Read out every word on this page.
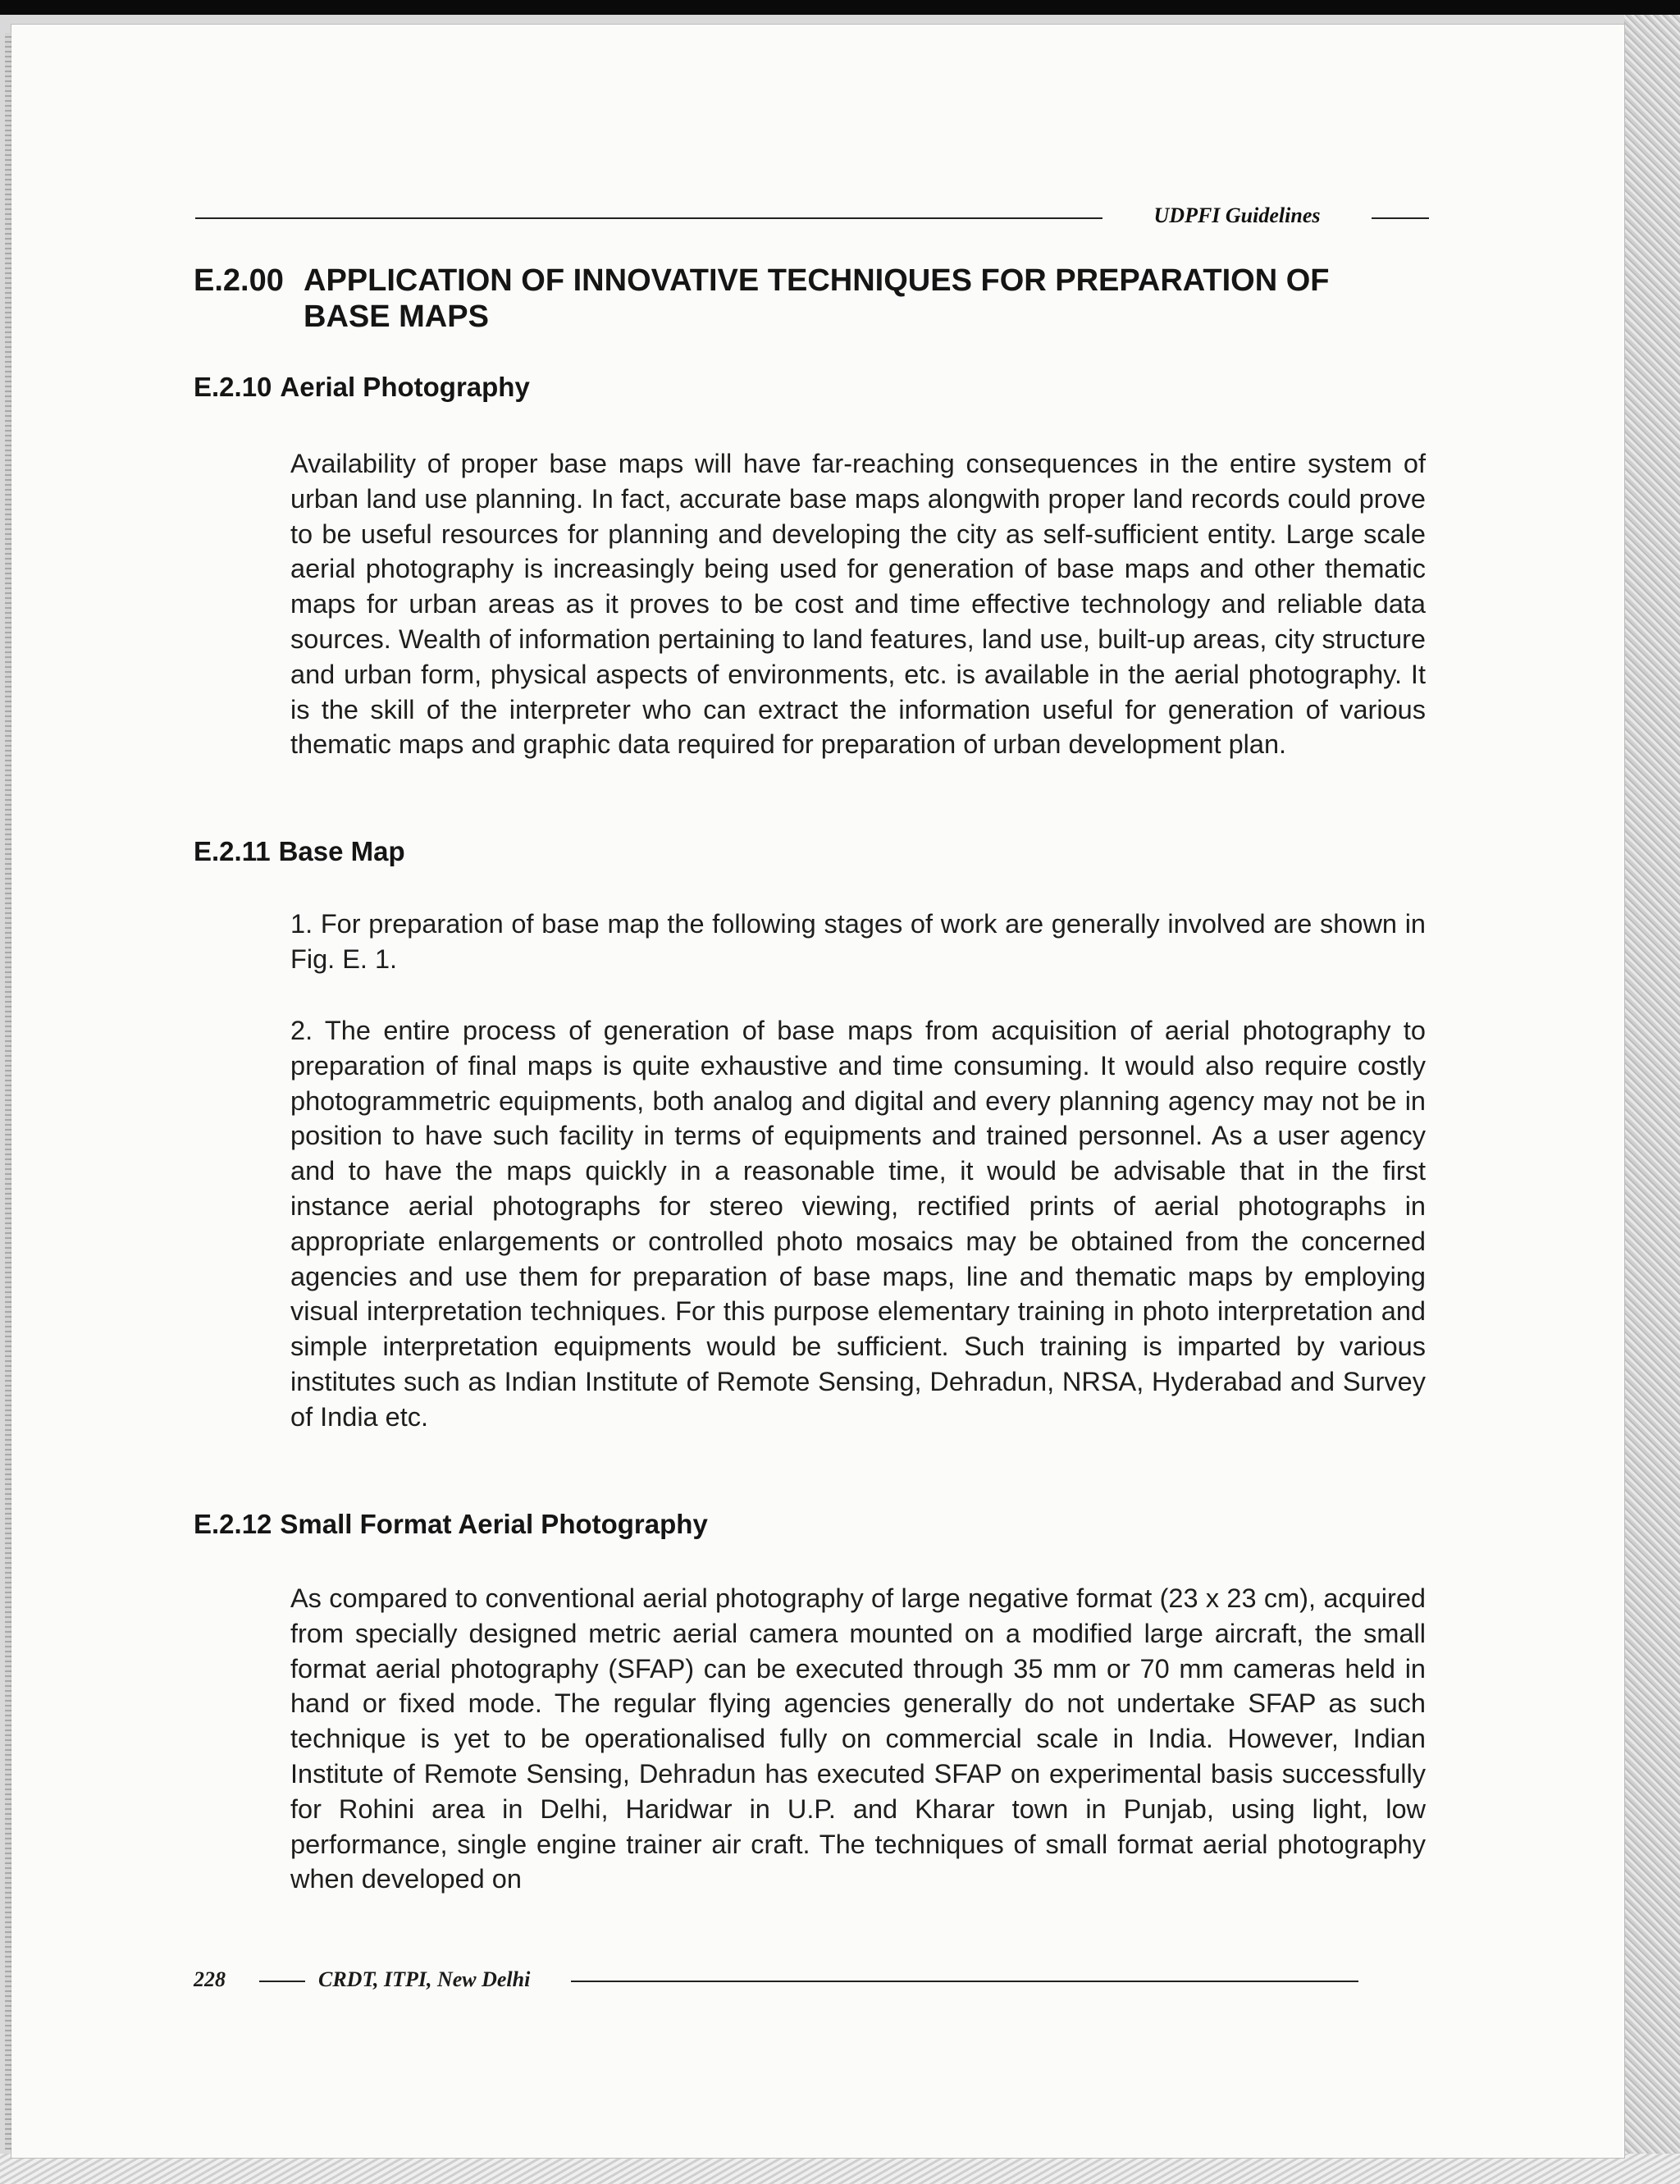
UDPFI Guidelines
E.2.00 APPLICATION OF INNOVATIVE TECHNIQUES FOR PREPARATION OF
BASE MAPS
E.2.10 Aerial Photography

Availability of proper base maps will have far-reaching consequences in the entire system of urban land use planning. In fact, accurate base maps alongwith proper land records could prove to be useful resources for planning and developing the city as self-sufficient entity. Large scale aerial photography is increasingly being used for generation of base maps and other thematic maps for urban areas as it proves to be cost and time effective technology and reliable data sources. Wealth of information pertaining to land features, land use, built-up areas, city structure and urban form, physical aspects of environments, etc. is available in the aerial photography. It is the skill of the interpreter who can extract the information useful for generation of various thematic maps and graphic data required for preparation of urban development plan.

E.2.11 Base Map

1. For preparation of base map the following stages of work are generally involved are shown in Fig. E. 1.

2. The entire process of generation of base maps from acquisition of aerial photography to preparation of final maps is quite exhaustive and time consuming. It would also require costly photogrammetric equipments, both analog and digital and every planning agency may not be in position to have such facility in terms of equipments and trained personnel. As a user agency and to have the maps quickly in a reasonable time, it would be advisable that in the first instance aerial photographs for stereo viewing, rectified prints of aerial photographs in appropriate enlargements or controlled photo mosaics may be obtained from the concerned agencies and use them for preparation of base maps, line and thematic maps by employing visual interpretation techniques. For this purpose elementary training in photo interpretation and simple interpretation equipments would be sufficient. Such training is imparted by various institutes such as Indian Institute of Remote Sensing, Dehradun, NRSA, Hyderabad and Survey of India etc.

E.2.12 Small Format Aerial Photography

As compared to conventional aerial photography of large negative format (23 x 23 cm), acquired from specially designed metric aerial camera mounted on a modified large aircraft, the small format aerial photography (SFAP) can be executed through 35 mm or 70 mm cameras held in hand or fixed mode. The regular flying agencies generally do not undertake SFAP as such technique is yet to be operationalised fully on commercial scale in India. However, Indian Institute of Remote Sensing, Dehradun has executed SFAP on experimental basis successfully for Rohini area in Delhi, Haridwar in U.P. and Kharar town in Punjab, using light, low performance, single engine trainer air craft. The techniques of small format aerial photography when developed on

228	CRDT, ITPI, New Delhi
